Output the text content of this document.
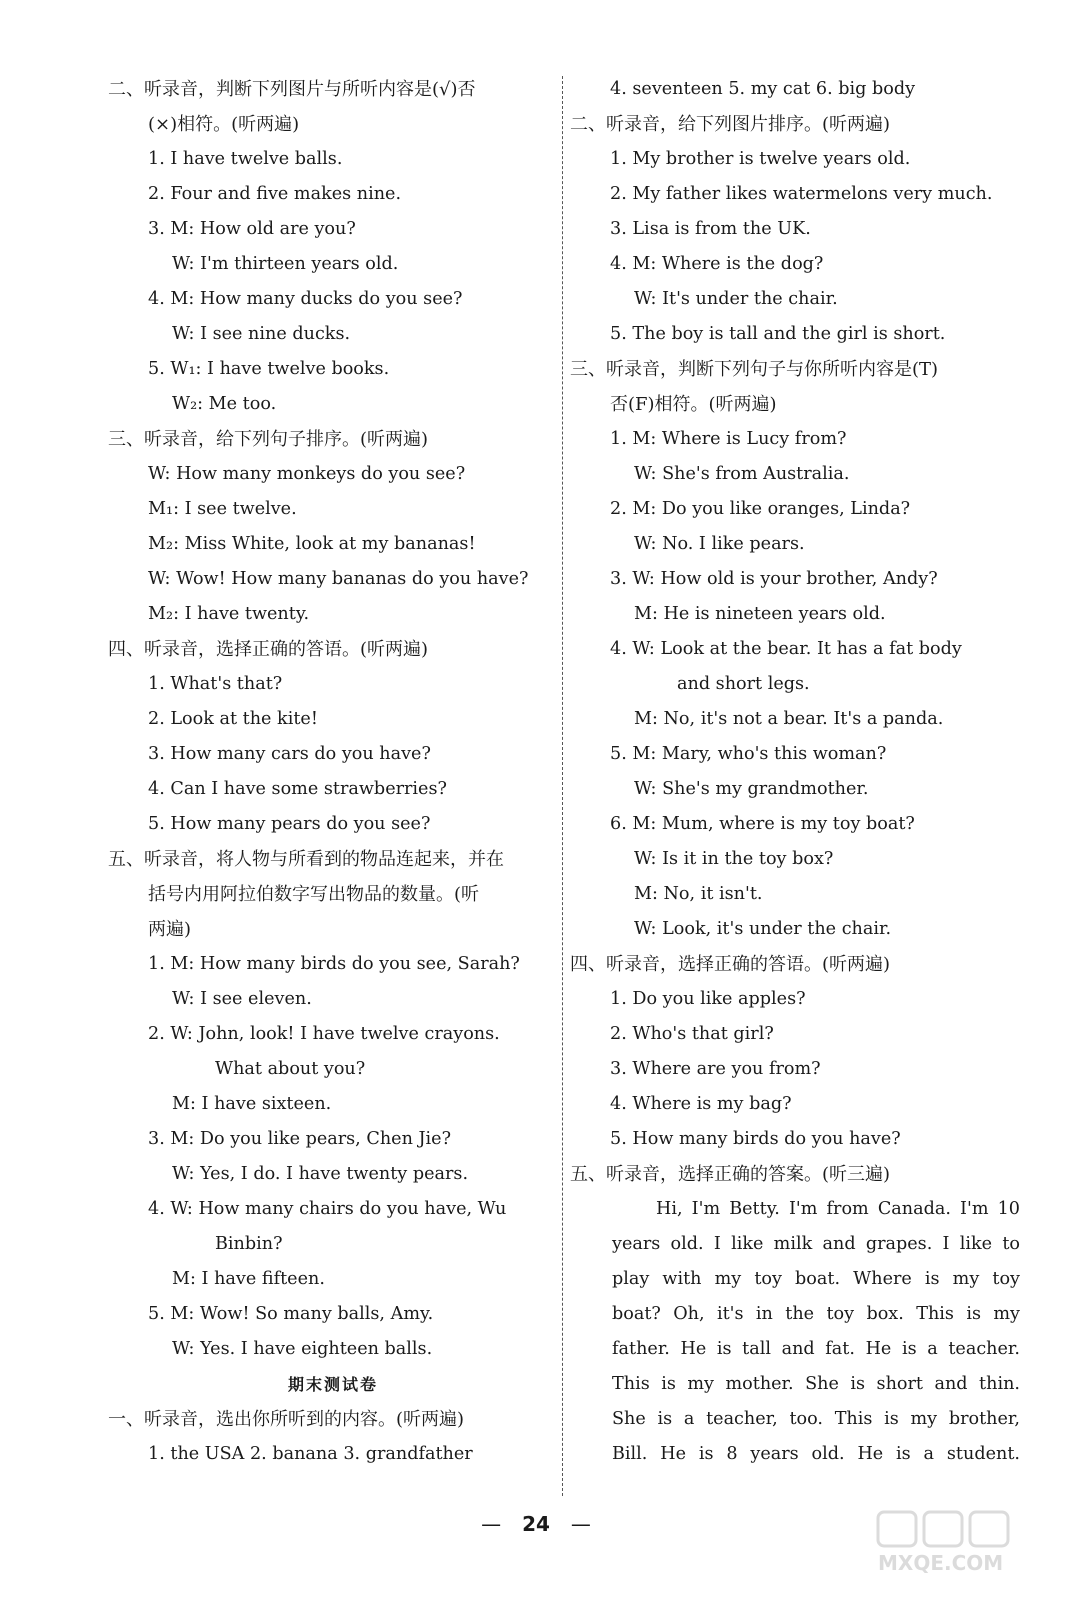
二、听录音，判断下列图片与所听内容是(√)否
(×)相符。(听两遍)
1. I have twelve balls.
2. Four and five makes nine.
3. M: How old are you?
W: I'm thirteen years old.
4. M: How many ducks do you see?
W: I see nine ducks.
5. W₁: I have twelve books.
W₂: Me too.
三、听录音，给下列句子排序。(听两遍)
W: How many monkeys do you see?
M₁: I see twelve.
M₂: Miss White, look at my bananas!
W: Wow! How many bananas do you have?
M₂: I have twenty.
四、听录音，选择正确的答语。(听两遍)
1. What's that?
2. Look at the kite!
3. How many cars do you have?
4. Can I have some strawberries?
5. How many pears do you see?
五、听录音，将人物与所看到的物品连起来，并在
括号内用阿拉伯数字写出物品的数量。(听
两遍)
1. M: How many birds do you see, Sarah?
W: I see eleven.
2. W: John, look! I have twelve crayons.
What about you?
M: I have sixteen.
3. M: Do you like pears, Chen Jie?
W: Yes, I do. I have twenty pears.
4. W: How many chairs do you have, Wu
Binbin?
M: I have fifteen.
5. M: Wow! So many balls, Amy.
W: Yes. I have eighteen balls.
期末测试卷
一、听录音，选出你所听到的内容。(听两遍)
1. the USA 2. banana 3. grandfather
4. seventeen 5. my cat 6. big body
二、听录音，给下列图片排序。(听两遍)
1. My brother is twelve years old.
2. My father likes watermelons very much.
3. Lisa is from the UK.
4. M: Where is the dog?
W: It's under the chair.
5. The boy is tall and the girl is short.
三、听录音，判断下列句子与你所听内容是(T)
否(F)相符。(听两遍)
1. M: Where is Lucy from?
W: She's from Australia.
2. M: Do you like oranges, Linda?
W: No. I like pears.
3. W: How old is your brother, Andy?
M: He is nineteen years old.
4. W: Look at the bear. It has a fat body
and short legs.
M: No, it's not a bear. It's a panda.
5. M: Mary, who's this woman?
W: She's my grandmother.
6. M: Mum, where is my toy boat?
W: Is it in the toy box?
M: No, it isn't.
W: Look, it's under the chair.
四、听录音，选择正确的答语。(听两遍)
1. Do you like apples?
2. Who's that girl?
3. Where are you from?
4. Where is my bag?
5. How many birds do you have?
五、听录音，选择正确的答案。(听三遍)
Hi, I'm Betty. I'm from Canada. I'm 10
years old. I like milk and grapes. I like to
play with my toy boat. Where is my toy
boat? Oh, it's in the toy box. This is my
father. He is tall and fat. He is a teacher.
This is my mother. She is short and thin.
She is a teacher, too. This is my brother,
Bill. He is 8 years old. He is a student.
— 24 —
MXQE.COM
